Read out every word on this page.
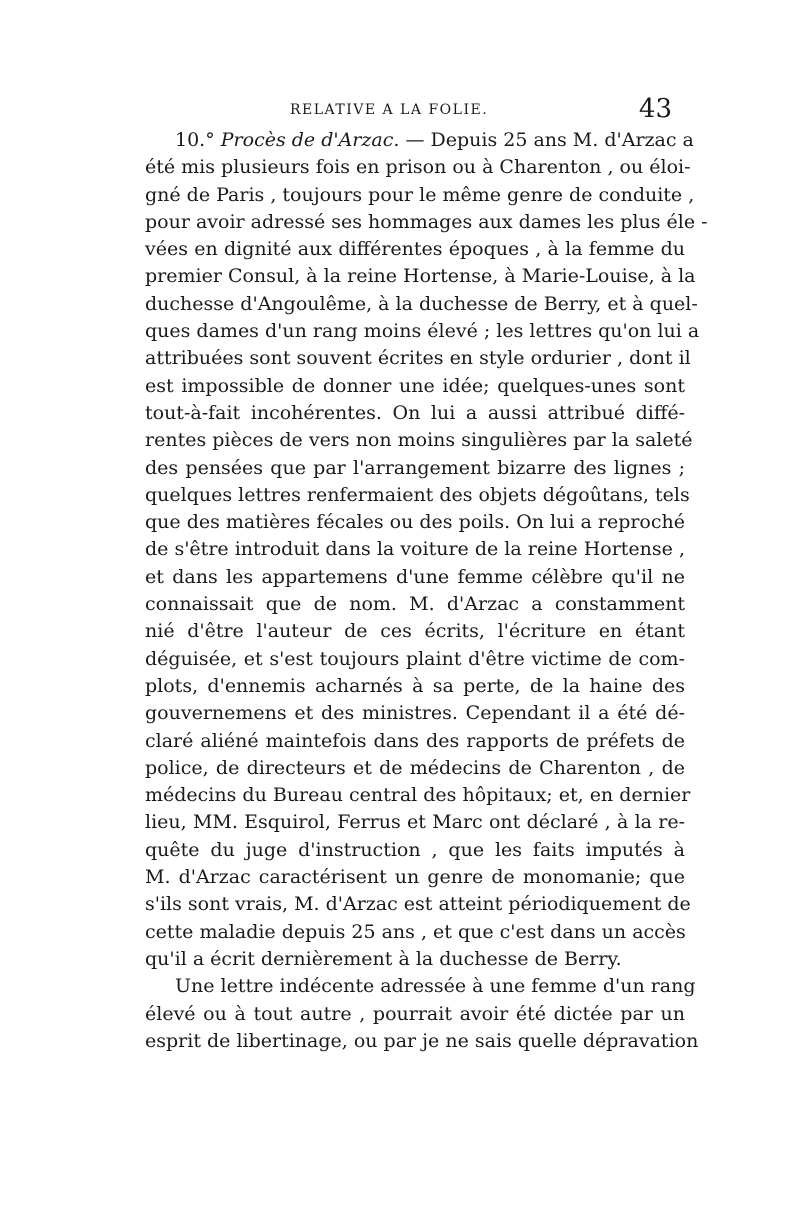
RELATIVE A LA FOLIE.	43
10.° Procès de d'Arzac. — Depuis 25 ans M. d'Arzac a
été mis plusieurs fois en prison ou à Charenton , ou éloi-
gné de Paris , toujours pour le même genre de conduite ,
pour avoir adressé ses hommages aux dames les plus éle -
vées en dignité aux différentes époques , à la femme du
premier Consul, à la reine Hortense, à Marie-Louise, à la
duchesse d'Angoulême, à la duchesse de Berry, et à quel-
ques dames d'un rang moins élevé ; les lettres qu'on lui a
attribuées sont souvent écrites en style ordurier , dont il
est impossible de donner une idée; quelques-unes sont
tout-à-fait incohérentes. On lui a aussi attribué diffé-
rentes pièces de vers non moins singulières par la saleté
des pensées que par l'arrangement bizarre des lignes ;
quelques lettres renfermaient des objets dégoûtans, tels
que des matières fécales ou des poils. On lui a reproché
de s'être introduit dans la voiture de la reine Hortense ,
et dans les appartemens d'une femme célèbre qu'il ne
connaissait que de nom. M. d'Arzac a constamment
nié d'être l'auteur de ces écrits, l'écriture en étant
déguisée, et s'est toujours plaint d'être victime de com-
plots, d'ennemis acharnés à sa perte, de la haine des
gouvernemens et des ministres. Cependant il a été dé-
claré aliéné maintefois dans des rapports de préfets de
police, de directeurs et de médecins de Charenton , de
médecins du Bureau central des hôpitaux; et, en dernier
lieu, MM. Esquirol, Ferrus et Marc ont déclaré , à la re-
quête du juge d'instruction , que les faits imputés à
M. d'Arzac caractérisent un genre de monomanie; que
s'ils sont vrais, M. d'Arzac est atteint périodiquement de
cette maladie depuis 25 ans , et que c'est dans un accès
qu'il a écrit dernièrement à la duchesse de Berry.
Une lettre indécente adressée à une femme d'un rang
élevé ou à tout autre , pourrait avoir été dictée par un
esprit de libertinage, ou par je ne sais quelle dépravation
